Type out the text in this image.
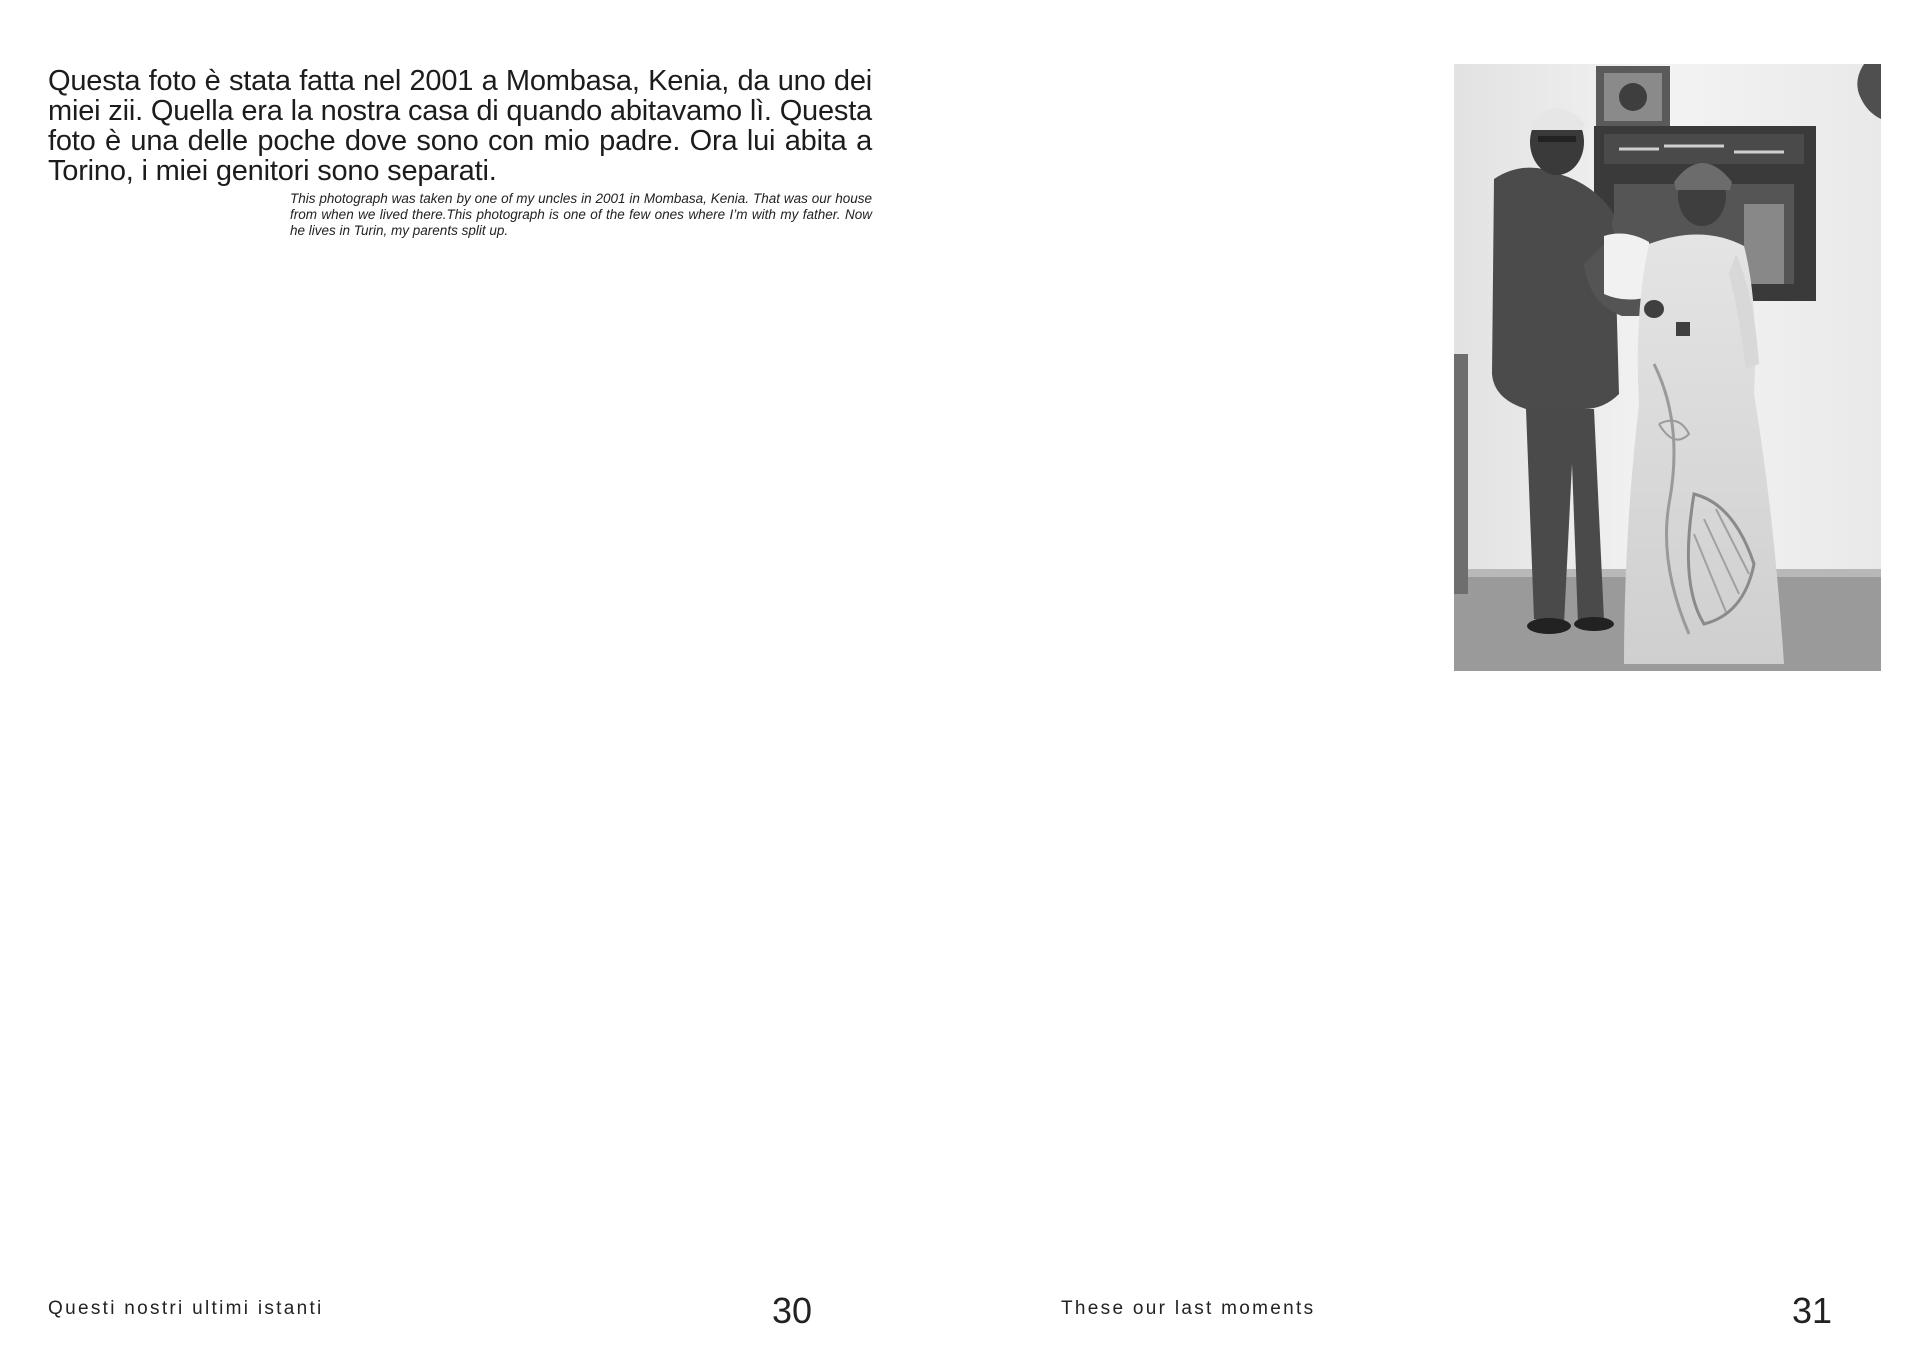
Questa foto è stata fatta nel 2001 a Mombasa, Kenia, da uno dei miei zii. Quella era la nostra casa di quando abitavamo lì. Questa foto è una delle poche dove sono con mio padre. Ora lui abita a Torino, i miei genitori sono separati.

This photograph was taken by one of my uncles in 2001 in Mombasa, Kenia. That was our house from when we lived there.This photograph is one of the few ones where I’m with my father. Now he lives in Turin, my parents split up.

Questi nostri ultimi istanti	30	These our last moments	31
